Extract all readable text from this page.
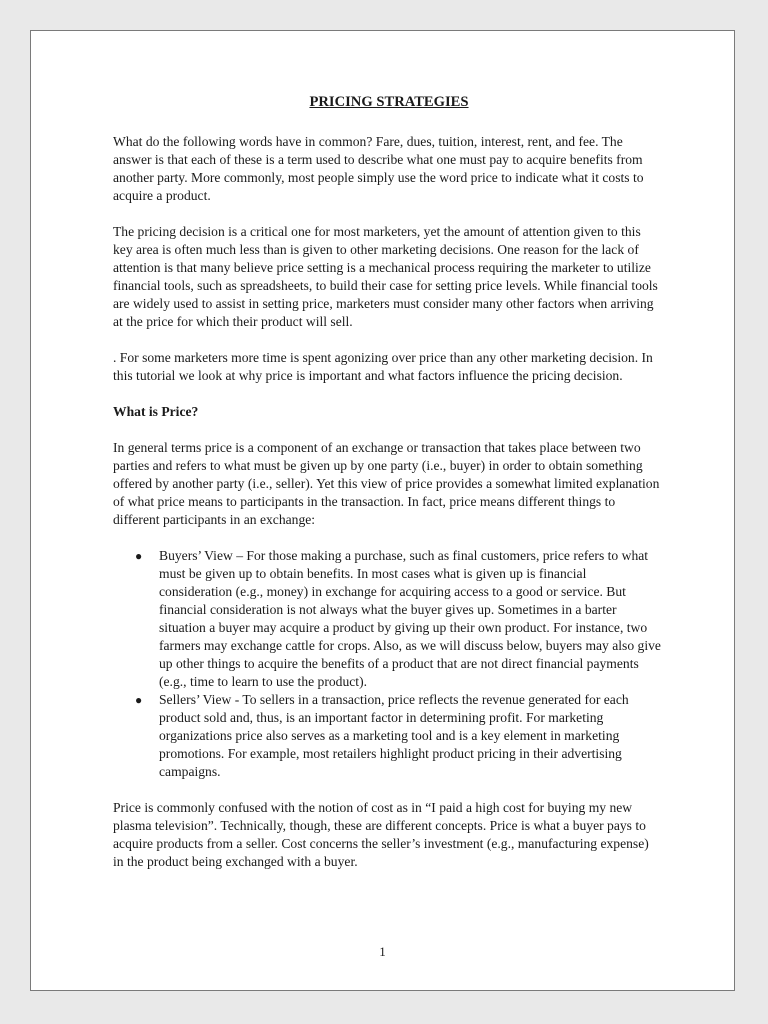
PRICING STRATEGIES

What do the following words have in common? Fare, dues, tuition, interest, rent, and fee. The answer is that each of these is a term used to describe what one must pay to acquire benefits from another party. More commonly, most people simply use the word price to indicate what it costs to acquire a product.

The pricing decision is a critical one for most marketers, yet the amount of attention given to this key area is often much less than is given to other marketing decisions. One reason for the lack of attention is that many believe price setting is a mechanical process requiring the marketer to utilize financial tools, such as spreadsheets, to build their case for setting price levels. While financial tools are widely used to assist in setting price, marketers must consider many other factors when arriving at the price for which their product will sell.

. For some marketers more time is spent agonizing over price than any other marketing decision. In this tutorial we look at why price is important and what factors influence the pricing decision.

What is Price?

In general terms price is a component of an exchange or transaction that takes place between two parties and refers to what must be given up by one party (i.e., buyer) in order to obtain something offered by another party (i.e., seller). Yet this view of price provides a somewhat limited explanation of what price means to participants in the transaction. In fact, price means different things to different participants in an exchange:

● Buyers’ View – For those making a purchase, such as final customers, price refers to what must be given up to obtain benefits. In most cases what is given up is financial consideration (e.g., money) in exchange for acquiring access to a good or service. But financial consideration is not always what the buyer gives up. Sometimes in a barter situation a buyer may acquire a product by giving up their own product. For instance, two farmers may exchange cattle for crops. Also, as we will discuss below, buyers may also give up other things to acquire the benefits of a product that are not direct financial payments (e.g., time to learn to use the product).
● Sellers’ View - To sellers in a transaction, price reflects the revenue generated for each product sold and, thus, is an important factor in determining profit. For marketing organizations price also serves as a marketing tool and is a key element in marketing promotions. For example, most retailers highlight product pricing in their advertising campaigns.

Price is commonly confused with the notion of cost as in “I paid a high cost for buying my new plasma television”. Technically, though, these are different concepts. Price is what a buyer pays to acquire products from a seller. Cost concerns the seller’s investment (e.g., manufacturing expense) in the product being exchanged with a buyer.

1
